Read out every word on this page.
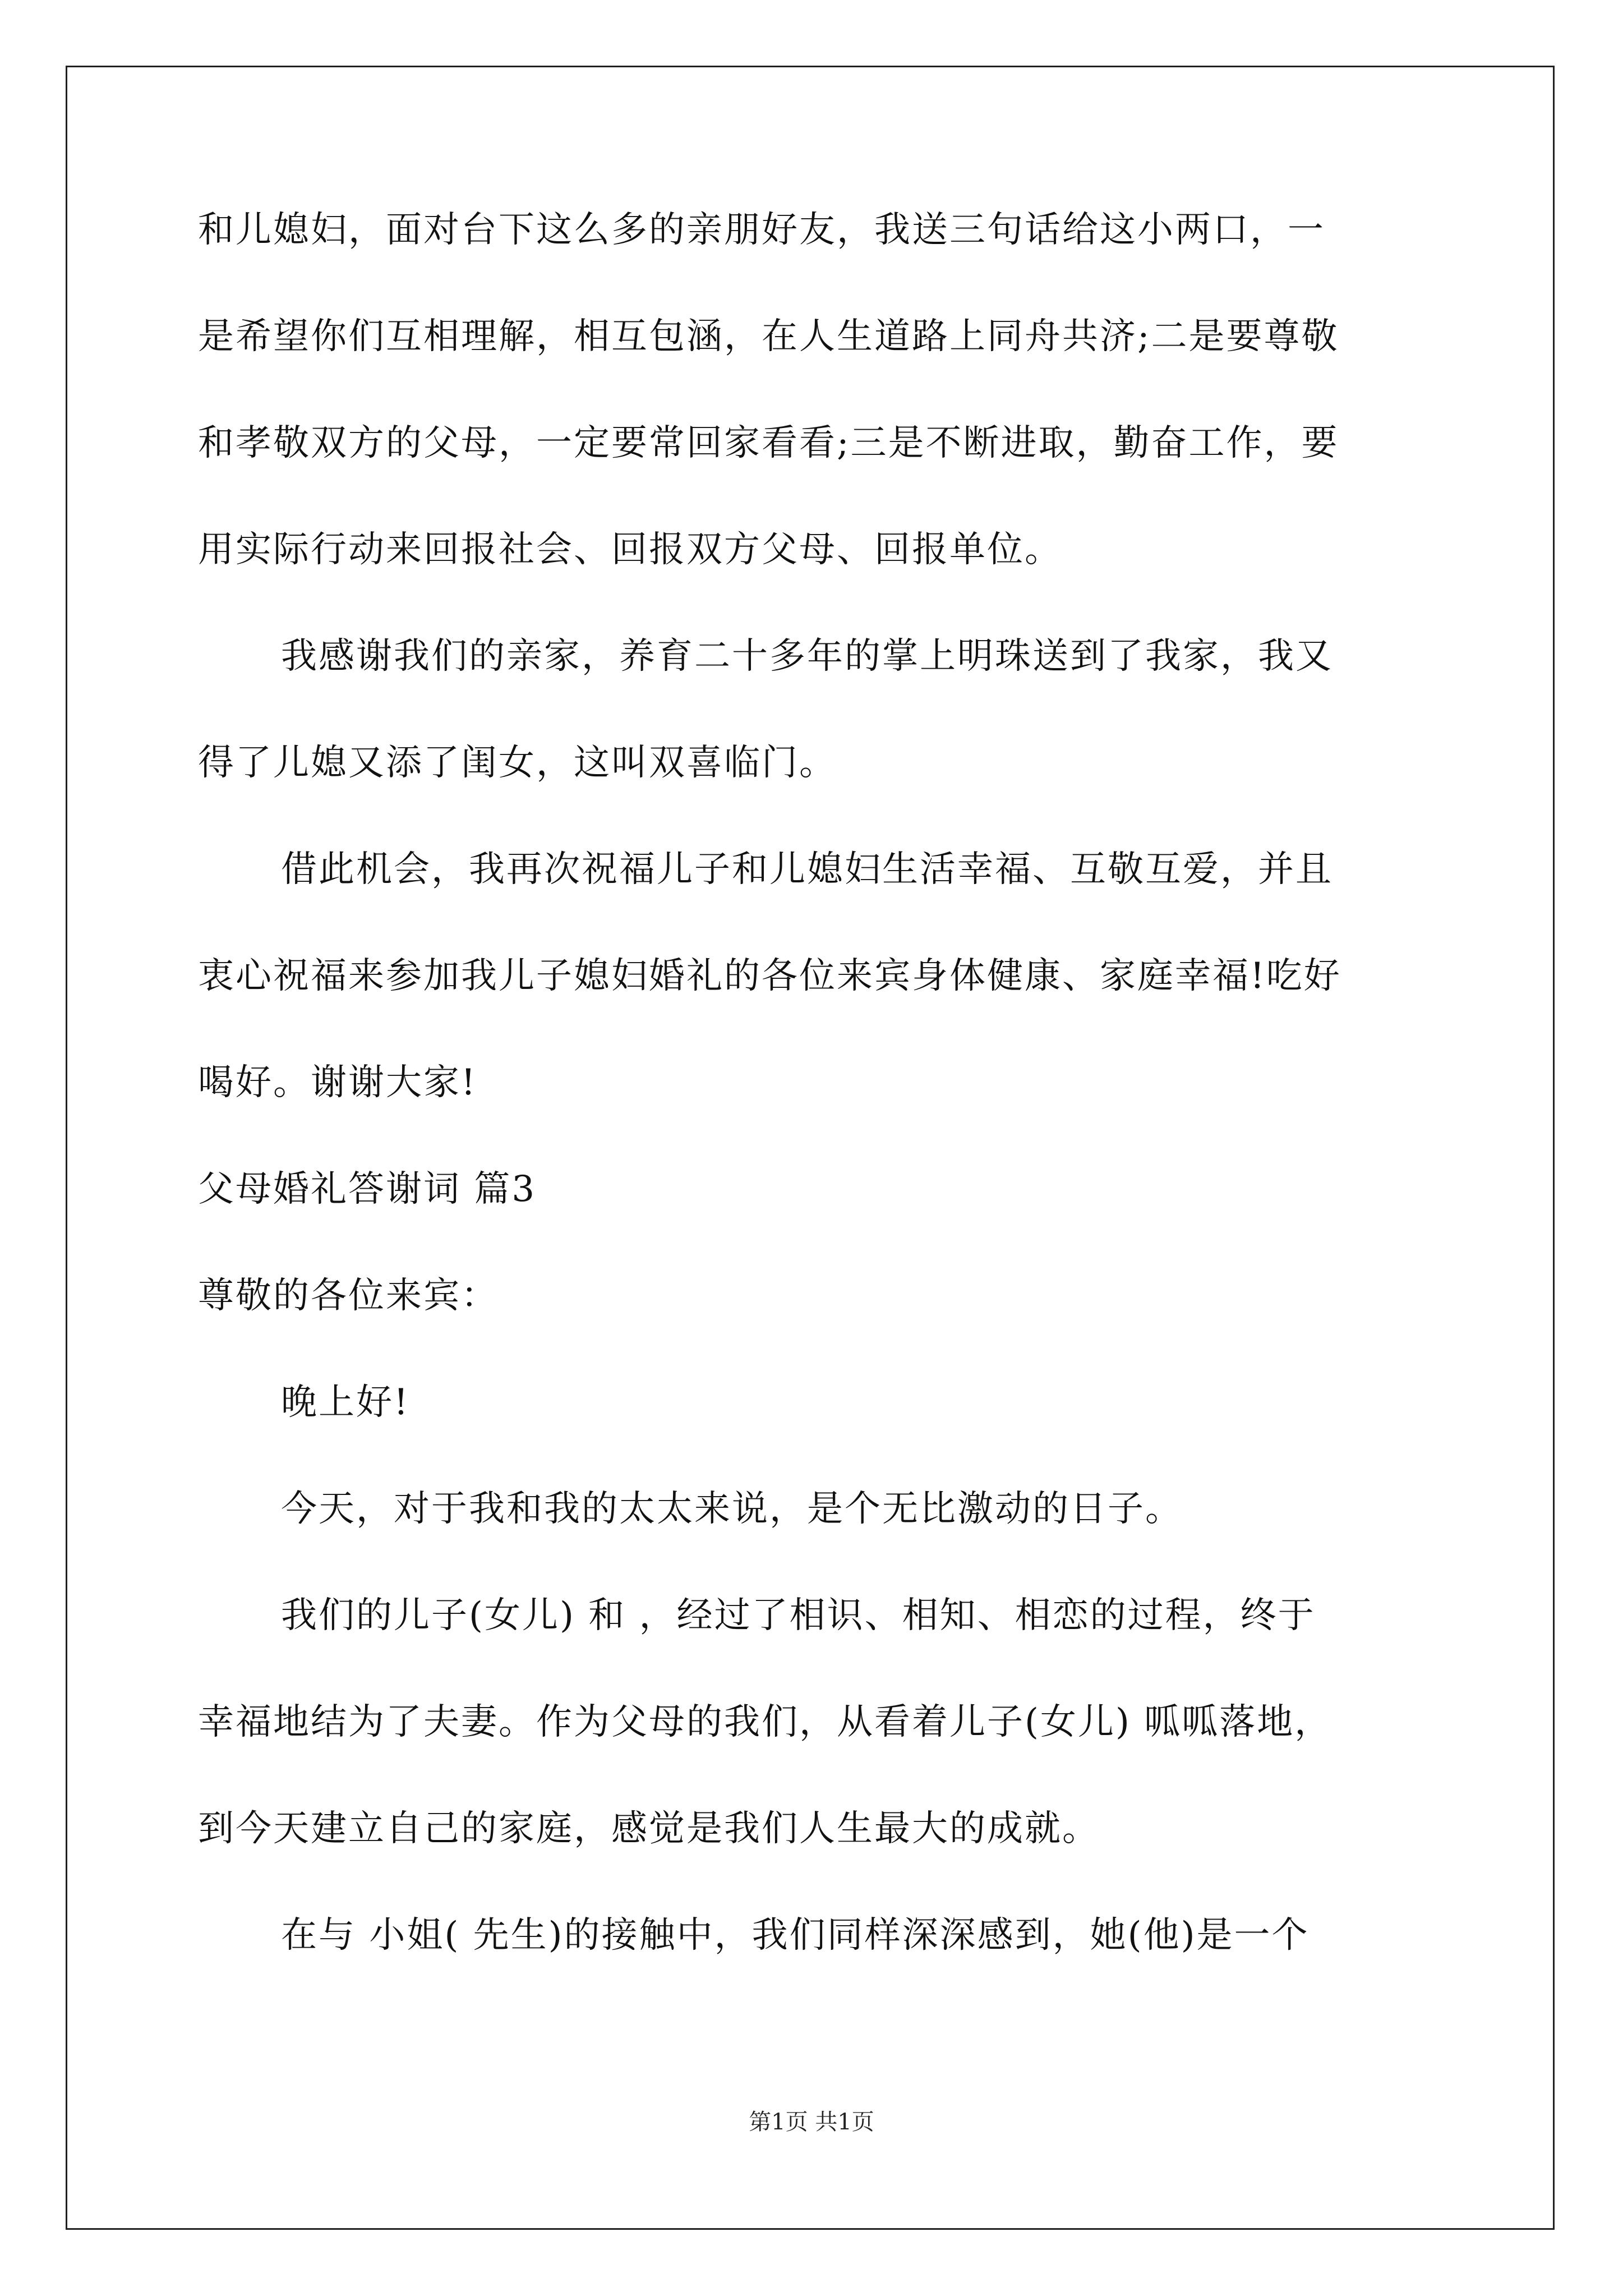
和儿媳妇，面对台下这么多的亲朋好友，我送三句话给这小两口，一
是希望你们互相理解，相互包涵，在人生道路上同舟共济;二是要尊敬
和孝敬双方的父母，一定要常回家看看;三是不断进取，勤奋工作，要
用实际行动来回报社会、回报双方父母、回报单位。
我感谢我们的亲家，养育二十多年的掌上明珠送到了我家，我又
得了儿媳又添了闺女，这叫双喜临门。
借此机会，我再次祝福儿子和儿媳妇生活幸福、互敬互爱，并且
衷心祝福来参加我儿子媳妇婚礼的各位来宾身体健康、家庭幸福!吃好
喝好。谢谢大家!
父母婚礼答谢词 篇3
尊敬的各位来宾：
晚上好!
今天，对于我和我的太太来说，是个无比激动的日子。
我们的儿子(女儿) 和 ，经过了相识、相知、相恋的过程，终于
幸福地结为了夫妻。作为父母的我们，从看着儿子(女儿) 呱呱落地，
到今天建立自己的家庭，感觉是我们人生最大的成就。
在与 小姐( 先生)的接触中，我们同样深深感到，她(他)是一个
第1页 共1页
